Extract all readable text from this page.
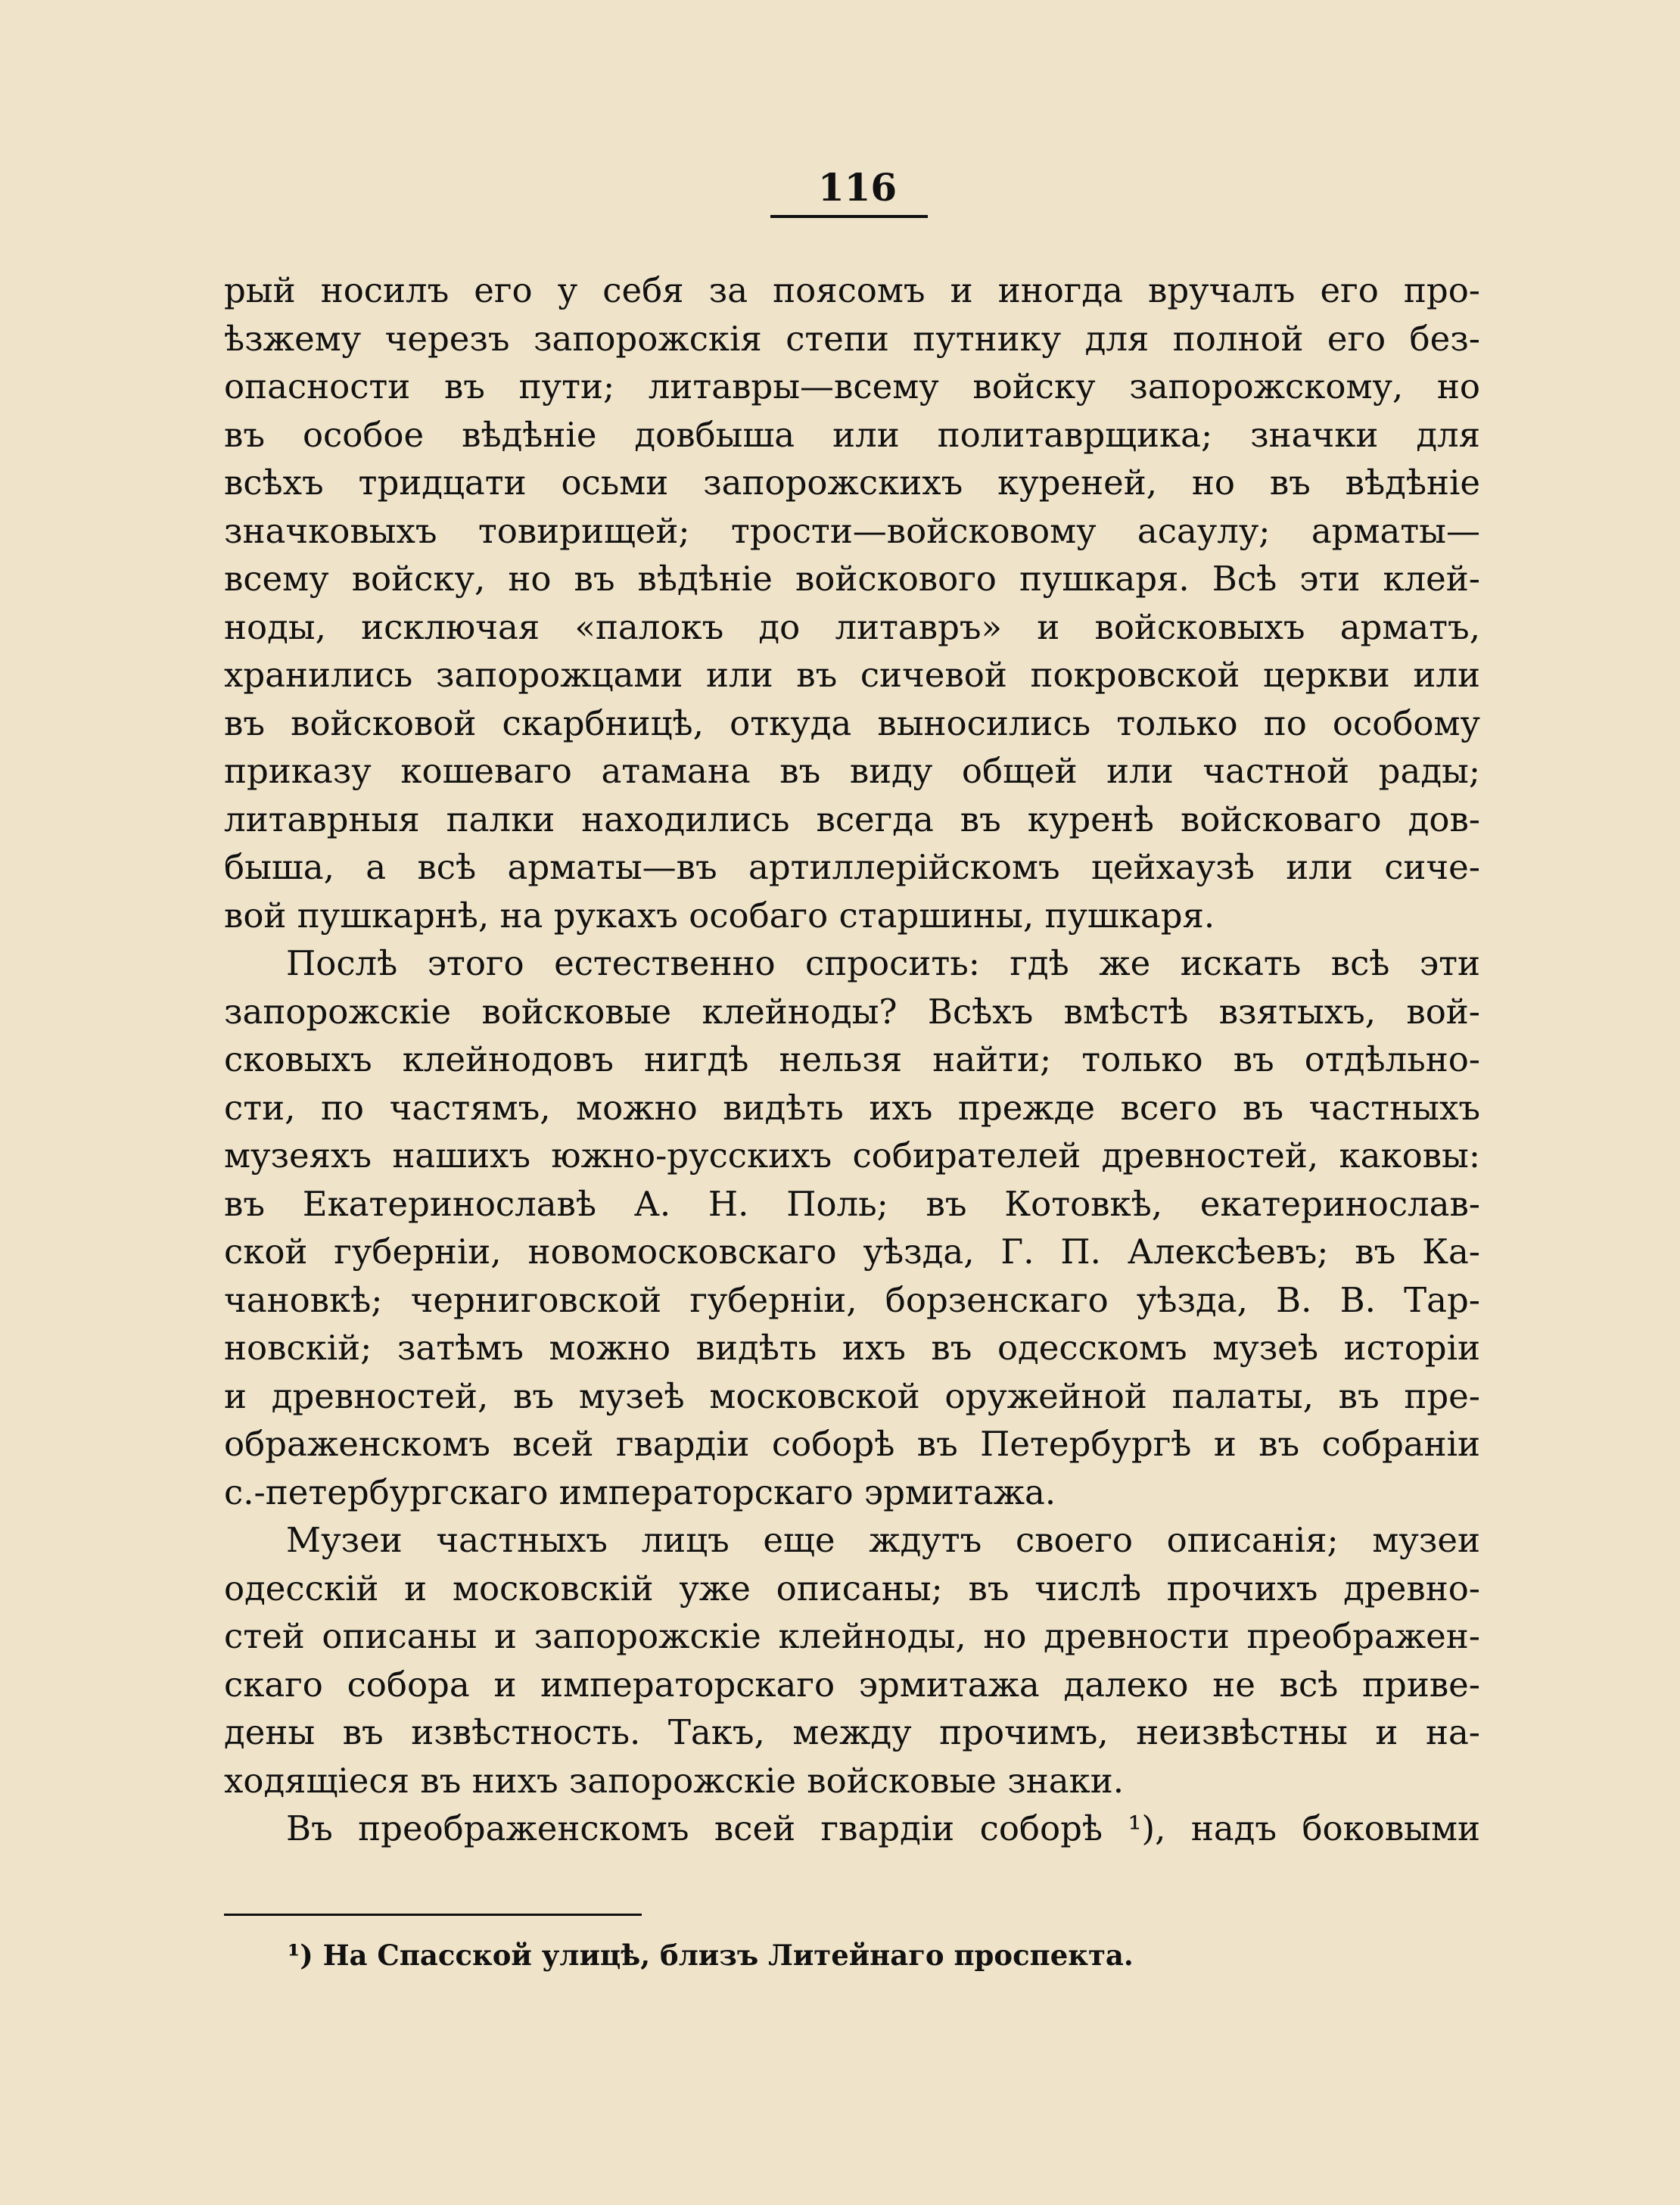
116
рый носилъ его у себя за поясомъ и иногда вручалъ его про-
ѣзжему черезъ запорожскія степи путнику для полной его без-
опасности въ пути; литавры—всему войску запорожскому, но
въ особое вѣдѣніе довбыша или политаврщика; значки для
всѣхъ тридцати осьми запорожскихъ куреней, но въ вѣдѣніе
значковыхъ товирищей; трости—войсковому асаулу; арматы—
всему войску, но въ вѣдѣніе войскового пушкаря. Всѣ эти клей-
ноды, исключая «палокъ до литавръ» и войсковыхъ арматъ,
хранились запорожцами или въ сичевой покровской церкви или
въ войсковой скарбницѣ, откуда выносились только по особому
приказу кошеваго атамана въ виду общей или частной рады;
литаврныя палки находились всегда въ куренѣ войсковаго дов-
быша, а всѣ арматы—въ артиллерійскомъ цейхаузѣ или сиче-
вой пушкарнѣ, на рукахъ особаго старшины, пушкаря.
Послѣ этого естественно спросить: гдѣ же искать всѣ эти
запорожскіе войсковые клейноды? Всѣхъ вмѣстѣ взятыхъ, вой-
сковыхъ клейнодовъ нигдѣ нельзя найти; только въ отдѣльно-
сти, по частямъ, можно видѣть ихъ прежде всего въ частныхъ
музеяхъ нашихъ южно-русскихъ собирателей древностей, каковы:
въ Екатеринославѣ А. Н. Поль; въ Котовкѣ, екатеринослав-
ской губерніи, новомосковскаго уѣзда, Г. П. Алексѣевъ; въ Ка-
чановкѣ; черниговской губерніи, борзенскаго уѣзда, В. В. Тар-
новскій; затѣмъ можно видѣть ихъ въ одесскомъ музеѣ исторіи
и древностей, въ музеѣ московской оружейной палаты, въ пре-
ображенскомъ всей гвардіи соборѣ въ Петербургѣ и въ собраніи
с.-петербургскаго императорскаго эрмитажа.
Музеи частныхъ лицъ еще ждутъ своего описанія; музеи
одесскій и московскій уже описаны; въ числѣ прочихъ древно-
стей описаны и запорожскіе клейноды, но древности преображен-
скаго собора и императорскаго эрмитажа далеко не всѣ приве-
дены въ извѣстность. Такъ, между прочимъ, неизвѣстны и на-
ходящіеся въ нихъ запорожскіе войсковые знаки.
Въ преображенскомъ всей гвардіи соборѣ ¹), надъ боковыми
¹) На Спасской улицѣ, близъ Литейнаго проспекта.
